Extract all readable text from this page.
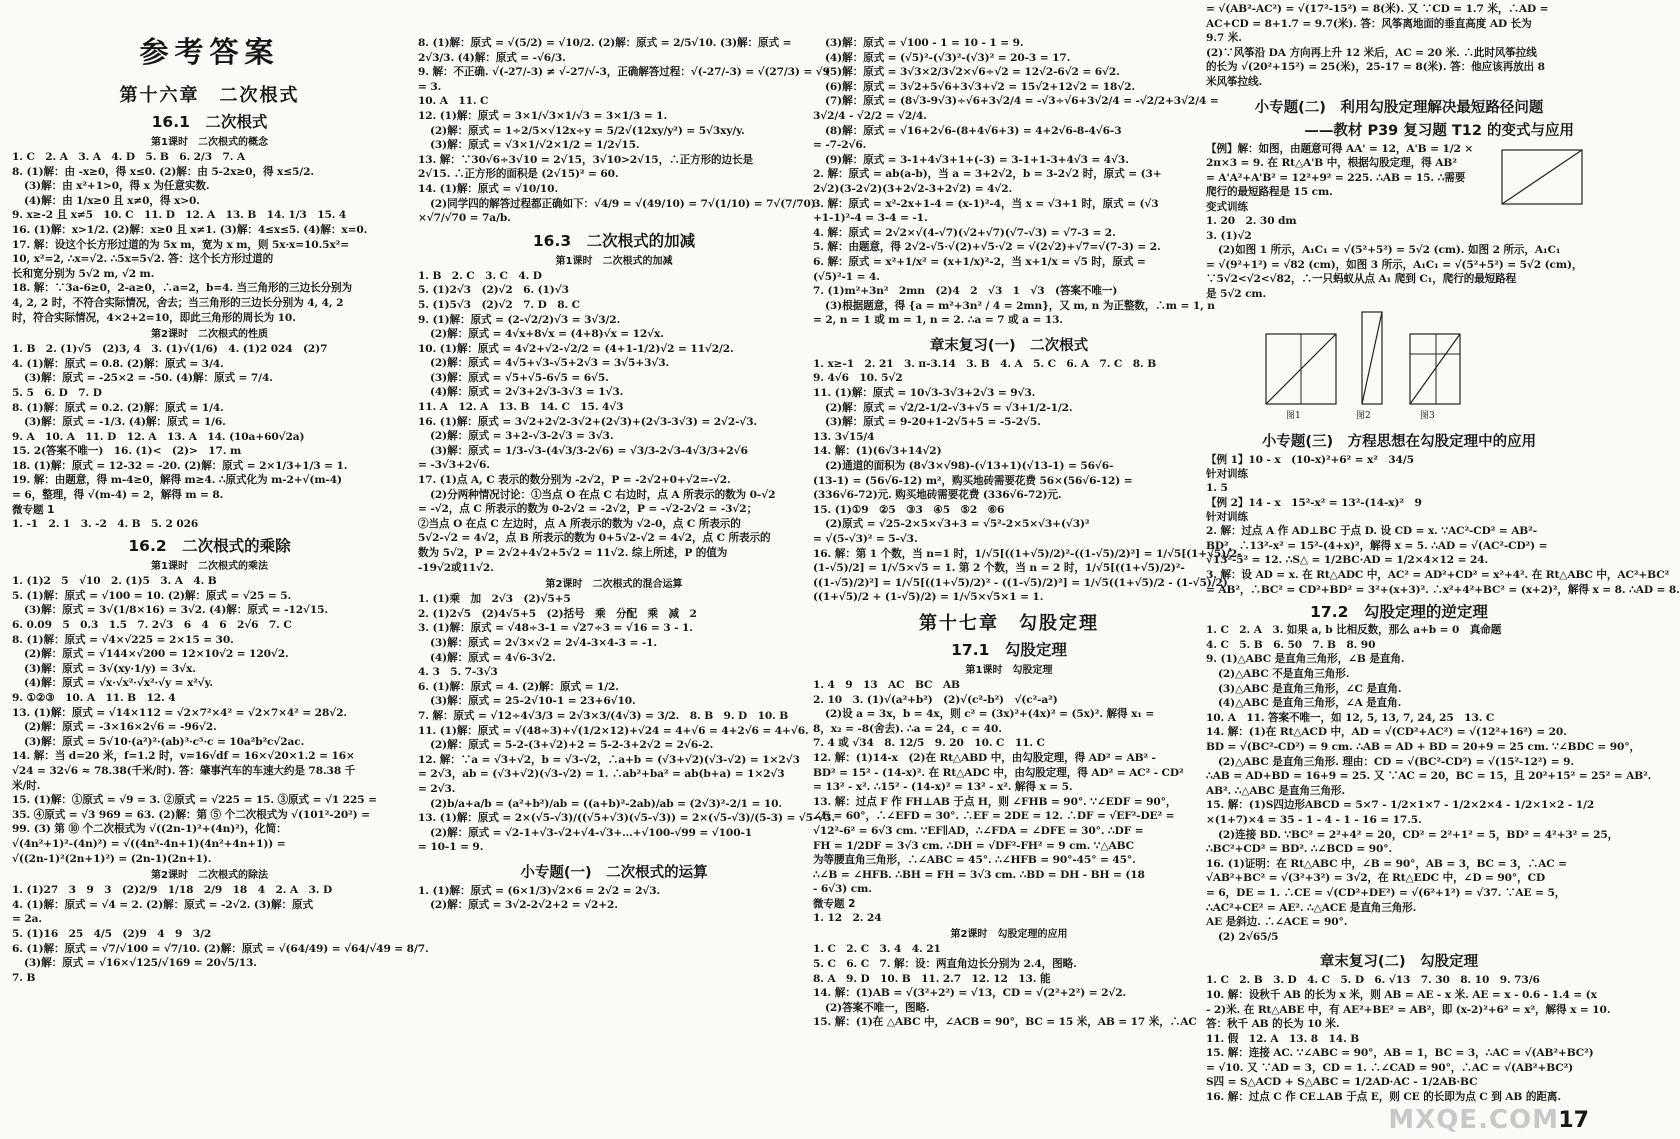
参考答案
第十六章　二次根式
16.1　二次根式
第1课时　二次根式的概念
1. C　2. A　3. A　4. D　5. B　6. 2/3　7. A
8. (1)解：由 -x≥0，得 x≤0. (2)解：由 5-2x≥0，得 x≤5/2.
(3)解：由 x²+1>0，得 x 为任意实数.
(4)解：由 1/x≥0 且 x≠0，得 x>0.
9. x≥-2 且 x≠5　10. C　11. D　12. A　13. B　14. 1/3　15. 4
16. (1)解：x>1/2. (2)解：x≥0 且 x≠1. (3)解：4≤x≤5. (4)解：x=0.
17. 解：设这个长方形过道的为 5x m，宽为 x m，则 5x·x=10.5x²=
10, x²=2, ∴x=√2. ∴5x=5√2. 答：这个长方形过道的
长和宽分别为 5√2 m, √2 m.
18. 解：∵3a-6≥0，2-a≥0，∴a=2，b=4. 当三角形的三边长分别为
4, 2, 2 时，不符合实际情况，舍去；当三角形的三边长分别为 4, 4, 2
时，符合实际情况，4×2+2=10，即此三角形的周长为 10.
第2课时　二次根式的性质
1. B　2. (1)√5　(2)3, 4　3. (1)√(1/6)　4. (1)2 024　(2)7
4. (1)解：原式 = 0.8. (2)解：原式 = 3/4.
(3)解：原式 = -25×2 = -50. (4)解：原式 = 7/4.
5. 5　6. D　7. D
8. (1)解：原式 = 0.2. (2)解：原式 = 1/4.
(3)解：原式 = -1/3. (4)解：原式 = 1/6.
9. A　10. A　11. D　12. A　13. A　14. (10a+60√2a)
15. 2(答案不唯一)　16. (1)<　(2)>　17. m
18. (1)解：原式 = 12-32 = -20. (2)解：原式 = 2×1/3+1/3 = 1.
19. 解：由题意，得 m-4≥0，解得 m≥4. ∴原式化为 m-2+√(m-4)
= 6，整理，得 √(m-4) = 2，解得 m = 8.
微专题 1
1. -1　2. 1　3. -2　4. B　5. 2 026
16.2　二次根式的乘除
第1课时　二次根式的乘法
1. (1)2　5　√10　2. (1)5　3. A　4. B
5. (1)解：原式 = √100 = 10. (2)解：原式 = √25 = 5.
(3)解：原式 = 3√(1/8×16) = 3√2. (4)解：原式 = -12√15.
6. 0.09　5　0.3　1.5　7. 2√3　6　4　6　2√6　7. C
8. (1)解：原式 = √4×√225 = 2×15 = 30.
(2)解：原式 = √144×√200 = 12×10√2 = 120√2.
(3)解：原式 = 3√(xy·1/y) = 3√x.
(4)解：原式 = √x·√x²·√x²·√y = x²√y.
9. ①②③　10. A　11. B　12. 4
13. (1)解：原式 = √14×112 = √2×7²×4² = √2×7×4² = 28√2.
(2)解：原式 = -3×16×2√6 = -96√2.
(3)解：原式 = 5√10·(a²)²·(ab)³·c⁵·c = 10a²b²c√2ac.
14. 解：当 d=20 米，f=1.2 时，v=16√df = 16×√20×1.2 = 16×
√24 = 32√6 ≈ 78.38(千米/时). 答：肇事汽车的车速大约是 78.38 千
米/时.
15. (1)解：①原式 = √9 = 3. ②原式 = √225 = 15. ③原式 = √1 225 =
35. ④原式 = √3 969 = 63. (2)解：第 ⑤ 个二次根式为 √(101²-20²) =
99. (3) 第 ⑩ 个二次根式为 √((2n-1)²+(4n)²)，化简：
√(4n²+1)²-(4n)²) = √((4n²-4n+1)(4n²+4n+1)) =
√((2n-1)²(2n+1)²) = (2n-1)(2n+1).
第2课时　二次根式的除法
1. (1)27　3　9　3　(2)2/9　1/18　2/9　18　4　2. A　3. D
4. (1)解：原式 = √4 = 2. (2)解：原式 = -2√2. (3)解：原式
= 2a.
5. (1)16　25　4/5　(2)9　4　9　3/2
6. (1)解：原式 = √7/√100 = √7/10. (2)解：原式 = √(64/49) = √64/√49 = 8/7.
(3)解：原式 = √16×√125/√169 = 20√5/13.
7. B
8. (1)解：原式 = √(5/2) = √10/2. (2)解：原式 = 2/5√10. (3)解：原式 =
2√3/3. (4)解：原式 = -√6/3.
9. 解：不正确. √(-27/-3) ≠ √-27/√-3，正确解答过程：√(-27/-3) = √(27/3) = √9
= 3.
10. A　11. C
12. (1)解：原式 = 3×1/√3×1/√3 = 3×1/3 = 1.
(2)解：原式 = 1÷2/5×√12x÷y = 5/2√(12xy/y²) = 5√3xy/y.
(3)解：原式 = √3×1/√2×1/2 = 1/2√15.
13. 解：∵30√6÷3√10 = 2√15，3√10>2√15，∴正方形的边长是
2√15. ∴正方形的面积是 (2√15)² = 60.
14. (1)解：原式 = √10/10.
(2)同学四的解答过程都正确如下：√4/9 = √(49/10) = 7√(1/10) = 7√(7/70)
×√7/√70 = 7a/b.
16.3　二次根式的加减
第1课时　二次根式的加减
1. B　2. C　3. C　4. D
5. (1)2√3　(2)√2　6. (1)√3
5. (1)5√3　(2)√2　7. D　8. C
9. (1)解：原式 = (2-√2/2)√3 = 3√3/2.
(2)解：原式 = 4√x+8√x = (4+8)√x = 12√x.
10. (1)解：原式 = 4√2+√2-√2/2 = (4+1-1/2)√2 = 11√2/2.
(2)解：原式 = 4√5+√3-√5+2√3 = 3√5+3√3.
(3)解：原式 = √5+√5-6√5 = 6√5.
(4)解：原式 = 2√3+2√3-3√3 = 1√3.
11. A　12. A　13. B　14. C　15. 4√3
16. (1)解：原式 = 3√2+2√2-3√2+(2√3)+(2√3-3√3) = 2√2-√3.
(2)解：原式 = 3+2-√3-2√3 = 3√3.
(3)解：原式 = 1/3-√3-(4√3/3-2√6) = √3/3-2√3-4√3/3+2√6
= -3√3+2√6.
17. (1)点 A, C 表示的数分别为 -2√2，P = -2√2+0+√2=-√2.
(2)分两种情况讨论：①当点 O 在点 C 右边时，点 A 所表示的数为 0-√2
= -√2，点 C 所表示的数为 0-2√2 = -2√2，P = -√2-2√2 = -3√2；
②当点 O 在点 C 左边时，点 A 所表示的数为 √2-0，点 C 所表示的
5√2-√2 = 4√2，点 B 所表示的数为 0+5√2-√2 = 4√2，点 C 所表示的
数为 5√2，P = 2√2+4√2+5√2 = 11√2. 综上所述，P 的值为
-19√2或11√2.
第2课时　二次根式的混合运算
1. (1)乘　加　2√3　(2)√5+5
2. (1)2√5　(2)4√5+5　(2)括号　乘　分配　乘　减　2
3. (1)解：原式 = √48÷3-1 = √27÷3 = √16 = 3 - 1.
(3)解：原式 = 2√3×√2 = 2√4-3×4-3 = -1.
(4)解：原式 = 4√6-3√2.
4. 3　5. 7-3√3
6. (1)解：原式 = 4. (2)解：原式 = 1/2.
(3)解：原式 = 25-2√10-1 = 23+6√10.
7. 解：原式 = √12÷4√3/3 = 2√3×3/(4√3) = 3/2.　8. B　9. D　10. B
11. (1)解：原式 = √(48÷3)+√(1/2×12)+√24 = 4+√6 = 4+2√6 = 4+√6.
(2)解：原式 = 5-2-(3+√2)+2 = 5-2-3+2√2 = 2√6-2.
12. 解：∵a = √3+√2，b = √3-√2，∴a+b = (√3+√2)(√3-√2) = 1×2√3
= 2√3，ab = (√3+√2)(√3-√2) = 1. ∴ab²+ba² = ab(b+a) = 1×2√3
= 2√3.
(2)b/a+a/b = (a²+b²)/ab = ((a+b)²-2ab)/ab = (2√3)²-2/1 = 10.
13. (1)解：原式 = 2×(√5-√3)/((√5+√3)(√5-√3)) = 2×(√5-√3)/(5-3) = √5-√3.
(2)解：原式 = √2-1+√3-√2+√4-√3+…+√100-√99 = √100-1
= 10-1 = 9.
小专题(一)　二次根式的运算
1. (1)解：原式 = (6×1/3)√2×6 = 2√2 = 2√3.
(2)解：原式 = 3√2-2√2+2 = √2+2.
(3)解：原式 = √100 - 1 = 10 - 1 = 9.
(4)解：原式 = (√5)²-(√3)²-(√3)² = 20-3 = 17.
(5)解：原式 = 3√3×2/3√2×√6÷√2 = 12√2-6√2 = 6√2.
(6)解：原式 = 3√2+5√6+3√3+√2 = 15√2+12√2 = 18√2.
(7)解：原式 = (8√3-9√3)÷√6+3√2/4 = -√3÷√6+3√2/4 = -√2/2+3√2/4 =
3√2/4 - √2/2 = √2/4.
(8)解：原式 = √16+2√6-(8+4√6+3) = 4+2√6-8-4√6-3
= -7-2√6.
(9)解：原式 = 3-1+4√3+1+(-3) = 3-1+1-3+4√3 = 4√3.
2. 解：原式 = ab(a-b)，当 a = 3+2√2，b = 3-2√2 时，原式 = (3+
2√2)(3-2√2)(3+2√2-3+2√2) = 4√2.
3. 解：原式 = x²-2x+1-4 = (x-1)²-4，当 x = √3+1 时，原式 = (√3
+1-1)²-4 = 3-4 = -1.
4. 解：原式 = 2√2×√(4-√7)(√2+√7)(√7-√3) = √7-3 = 2.
5. 解：由题意，得 2√2-√5·√(2)+√5·√2 = √(2√2)+√7=√(7-3) = 2.
6. 解：原式 = x²+1/x² = (x+1/x)²-2，当 x+1/x = √5 时，原式 =
(√5)²-1 = 4.
7. (1)m²+3n²　2mn　(2)4　2　√3　1　√3　(答案不唯一)
(3)根据题意，得 {a = m²+3n² / 4 = 2mn}，又 m, n 为正整数，∴m = 1, n
= 2, n = 1 或 m = 1, n = 2. ∴a = 7 或 a = 13.
章末复习(一)　二次根式
1. x≥-1　2. 21　3. π-3.14　3. B　4. A　5. C　6. A　7. C　8. B
9. 4√6　10. 5√2
11. (1)解：原式 = 10√3-3√3+2√3 = 9√3.
(2)解：原式 = √2/2-1/2-√3+√5 = √3+1/2-1/2.
(3)解：原式 = 9-20+1-2√5+5 = -5-2√5.
13. 3√15/4
14. 解：(1)(6√3+14√2)
(2)通道的面积为 (8√3×√98)-(√13+1)(√13-1) = 56√6-
(13-1) = (56√6-12) m²，购买地砖需要花费 56×(56√6-12) =
(336√6-72)元. 购买地砖需要花费 (336√6-72)元.
15. (1)①9　②5　③3　④5　⑤2　⑥6
(2)原式 = √25-2×5×√3+3 = √5²-2×5×√3+(√3)²
= √(5-√3)² = 5-√3.
16. 解：第 1 个数，当 n=1 时，1/√5[((1+√5)/2)²-((1-√5)/2)²] = 1/√5[(1+√5)/2-
(1-√5)/2] = 1/√5×√5 = 1. 第 2 个数，当 n = 2 时，1/√5[((1+√5)/2)²-
((1-√5)/2)²] = 1/√5[((1+√5)/2)² - ((1-√5)/2)²] = 1/√5((1+√5)/2 - (1-√5)/2)
((1+√5)/2 + (1-√5)/2) = 1/√5×√5×1 = 1.
第十七章　勾股定理
17.1　勾股定理
第1课时　勾股定理
1. 4　9　13　AC　BC　AB
2. 10　3. (1)√(a²+b²)　(2)√(c²-b²)　√(c²-a²)
(2)设 a = 3x，b = 4x，则 c² = (3x)²+(4x)² = (5x)². 解得 x₁ =
8，x₂ = -8(舍去). ∴a = 24，c = 40.
7. 4 或 √34　8. 12/5　9. 20　10. C　11. C
12. 解：(1)14-x　(2)在 Rt△ABD 中，由勾股定理，得 AD² = AB² -
BD² = 15² - (14-x)². 在 Rt△ADC 中，由勾股定理，得 AD² = AC² - CD²
= 13² - x². ∴15² - (14-x)² = 13² - x². 解得 x = 5.
13. 解：过点 F 作 FH⊥AB 于点 H，则 ∠FHB = 90°. ∵∠EDF = 90°，
∠E = 60°，∴∠EFD = 30°. ∴EF = 2DE = 12. ∴DF = √EF²-DE² =
√12²-6² = 6√3 cm. ∵EF∥AD，∴∠FDA = ∠DFE = 30°. ∴DF =
FH = 1/2DF = 3√3 cm. ∴DH = √DF²-FH² = 9 cm. ∵△ABC
为等腰直角三角形，∴∠ABC = 45°. ∴∠HFB = 90°-45° = 45°.
∴∠B = ∠HFB. ∴BH = FH = 3√3 cm. ∴BD = DH - BH = (18
- 6√3) cm.
微专题 2
1. 12　2. 24
第2课时　勾股定理的应用
1. C　2. C　3. 4　4. 21
5. C　6. C　7. 解：设：两直角边长分别为 2.4，图略.
8. A　9. D　10. B　11. 2.7　12. 12　13. 能
14. 解：(1)AB = √(3²+2²) = √13，CD = √(2²+2²) = 2√2.
(2)答案不唯一，图略.
15. 解：(1)在 △ABC 中，∠ACB = 90°，BC = 15 米，AB = 17 米，∴AC
= √(AB²-AC²) = √(17²-15²) = 8(米). 又 ∵CD = 1.7 米，∴AD =
AC+CD = 8+1.7 = 9.7(米). 答：风筝离地面的垂直高度 AD 长为
9.7 米.
(2)∵风筝沿 DA 方向再上升 12 米后，AC = 20 米. ∴此时风筝拉线
的长为 √(20²+15²) = 25(米)，25-17 = 8(米). 答：他应该再放出 8
米风筝拉线.
小专题(二)　利用勾股定理解决最短路径问题
——教材 P39 复习题 T12 的变式与应用
【例】解：如图，由题意可得 AA' = 12，A'B = 1/2 ×
2π×3 = 9. 在 Rt△A'B 中，根据勾股定理，得 AB²
= A'A²+A'B² = 12²+9² = 225. ∴AB = 15. ∴需要
爬行的最短路程是 15 cm.
变式训练
1. 20　2. 30 dm
3. (1)√2
(2)如图 1 所示，A₁C₁ = √(5²+5²) = 5√2 (cm). 如图 2 所示，A₁C₁
= √(9²+1²) = √82 (cm)，如图 3 所示，A₁C₁ = √(5²+5²) = 5√2 (cm)，
∵5√2<√2<√82，∴一只蚂蚁从点 A₁ 爬到 C₁，爬行的最短路程
是 5√2 cm.
图1	图2	图3
小专题(三)　方程思想在勾股定理中的应用
【例 1】10 - x　(10-x)²+6² = x²　34/5
针对训练
1. 5
【例 2】14 - x　15²-x² = 13²-(14-x)²　9
针对训练
2. 解：过点 A 作 AD⊥BC 于点 D. 设 CD = x. ∵AC²-CD² = AB²-
BD²，∴13²-x² = 15²-(4+x)²，解得 x = 5. ∴AD = √(AC²-CD²) =
√13²-5² = 12. ∴S△ = 1/2BC·AD = 1/2×4×12 = 24.
3. 解：设 AD = x. 在 Rt△ADC 中，AC² = AD²+CD² = x²+4². 在 Rt△ABC 中，AC²+BC²
= AB²，∴BC² = CD²+BD² = 3²+(x+3)². ∴x²+4²+BC² = (x+2)²，解得 x = 8. ∴AD = 8.
17.2　勾股定理的逆定理
1. C　2. A　3. 如果 a, b 比相反数，那么 a+b = 0　真命题
4. C　5. B　6. 50　7. B　8. 90
9. (1)△ABC 是直角三角形，∠B 是直角.
(2)△ABC 不是直角三角形.
(3)△ABC 是直角三角形，∠C 是直角.
(4)△ABC 是直角三角形，∠A 是直角.
10. A　11. 答案不唯一，如 12, 5, 13, 7, 24, 25　13. C
14. 解：(1)在 Rt△ACD 中，AD = √(CD²+AC²) = √(12²+16²) = 20.
BD = √(BC²-CD²) = 9 cm. ∴AB = AD + BD = 20+9 = 25 cm. ∵∠BDC = 90°，
(2)△ABC 是直角三角形. 理由：CD = √(BC²-CD²) = √(15²-12²) = 9.
∴AB = AD+BD = 16+9 = 25. 又 ∵AC = 20，BC = 15，且 20²+15² = 25² = AB².
AB². ∴△ABC 是直角三角形.
15. 解：(1)S四边形ABCD = 5×7 - 1/2×1×7 - 1/2×2×4 - 1/2×1×2 - 1/2
×(1+7)×4 = 35 - 1 - 4 - 1 - 16 = 17.5.
(2)连接 BD. ∵BC² = 2²+4² = 20，CD² = 2²+1² = 5，BD² = 4²+3² = 25，
∴BC²+CD² = BD². ∴∠BCD = 90°.
16. (1)证明：在 Rt△ABC 中，∠B = 90°，AB = 3，BC = 3，∴AC =
√AB²+BC² = √(3²+3²) = 3√2，在 Rt△EDC 中，∠D = 90°，CD
= 6，DE = 1. ∴CE = √(CD²+DE²) = √(6²+1²) = √37. ∵AE = 5，
∴AC²+CE² = AE². ∴△ACE 是直角三角形.
AE 是斜边. ∴∠ACE = 90°.
(2) 2√65/5
章末复习(二)　勾股定理
1. C　2. B　3. D　4. C　5. D　6. √13　7. 30　8. 10　9. 73/6
10. 解：设秋千 AB 的长为 x 米，则 AB = AE - x 米. AE = x - 0.6 - 1.4 = (x
- 2)米. 在 Rt△ABE 中，有 AE²+BE² = AB²，即 (x-2)²+6² = x²，解得 x = 10.
答：秋千 AB 的长为 10 米.
11. 假　12. A　13. 8　14. B
15. 解：连接 AC. ∵∠ABC = 90°，AB = 1，BC = 3，∴AC = √(AB²+BC²)
= √10. 又 ∵AD = 3，CD = 1. ∴∠CAD = 90°，∴AC = √(AB²+BC²)
S四 = S△ACD + S△ABC = 1/2AD·AC - 1/2AB·BC
16. 解：过点 C 作 CE⊥AB 于点 E，则 CE 的长即为点 C 到 AB 的距离.
MXQE.COM 17
